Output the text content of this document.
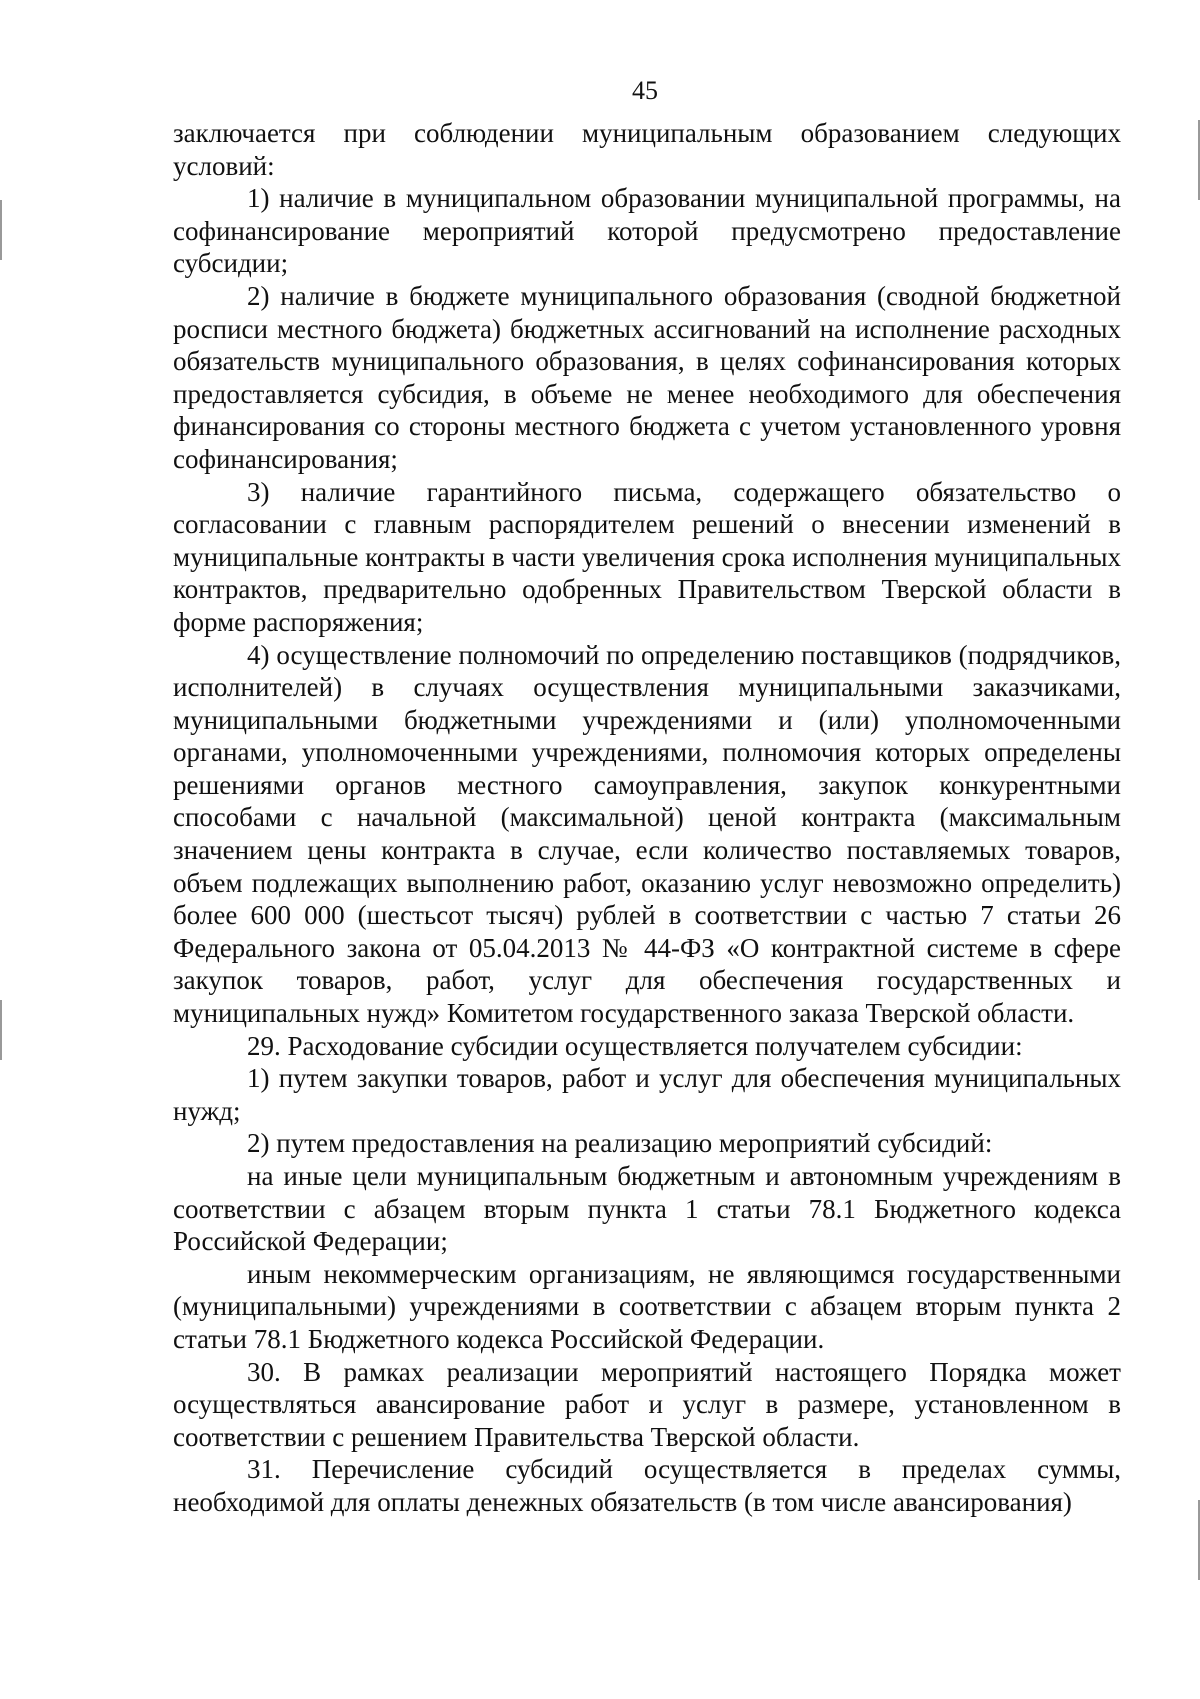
45

заключается при соблюдении муниципальным образованием следующих условий:

1) наличие в муниципальном образовании муниципальной программы, на софинансирование мероприятий которой предусмотрено предоставление субсидии;

2) наличие в бюджете муниципального образования (сводной бюджетной росписи местного бюджета) бюджетных ассигнований на исполнение расходных обязательств муниципального образования, в целях софинансирования которых предоставляется субсидия, в объеме не менее необходимого для обеспечения финансирования со стороны местного бюджета с учетом установленного уровня софинансирования;

3) наличие гарантийного письма, содержащего обязательство о согласовании с главным распорядителем решений о внесении изменений в муниципальные контракты в части увеличения срока исполнения муниципальных контрактов, предварительно одобренных Правительством Тверской области в форме распоряжения;

4) осуществление полномочий по определению поставщиков (подрядчиков, исполнителей) в случаях осуществления муниципальными заказчиками, муниципальными бюджетными учреждениями и (или) уполномоченными органами, уполномоченными учреждениями, полномочия которых определены решениями органов местного самоуправления, закупок конкурентными способами с начальной (максимальной) ценой контракта (максимальным значением цены контракта в случае, если количество поставляемых товаров, объем подлежащих выполнению работ, оказанию услуг невозможно определить) более 600 000 (шестьсот тысяч) рублей в соответствии с частью 7 статьи 26 Федерального закона от 05.04.2013 № 44-ФЗ «О контрактной системе в сфере закупок товаров, работ, услуг для обеспечения государственных и муниципальных нужд» Комитетом государственного заказа Тверской области.

29. Расходование субсидии осуществляется получателем субсидии:

1) путем закупки товаров, работ и услуг для обеспечения муниципальных нужд;

2) путем предоставления на реализацию мероприятий субсидий:

на иные цели муниципальным бюджетным и автономным учреждениям в соответствии с абзацем вторым пункта 1 статьи 78.1 Бюджетного кодекса Российской Федерации;

иным некоммерческим организациям, не являющимся государственными (муниципальными) учреждениями в соответствии с абзацем вторым пункта 2 статьи 78.1 Бюджетного кодекса Российской Федерации.

30. В рамках реализации мероприятий настоящего Порядка может осуществляться авансирование работ и услуг в размере, установленном в соответствии с решением Правительства Тверской области.

31. Перечисление субсидий осуществляется в пределах суммы, необходимой для оплаты денежных обязательств (в том числе авансирования)
